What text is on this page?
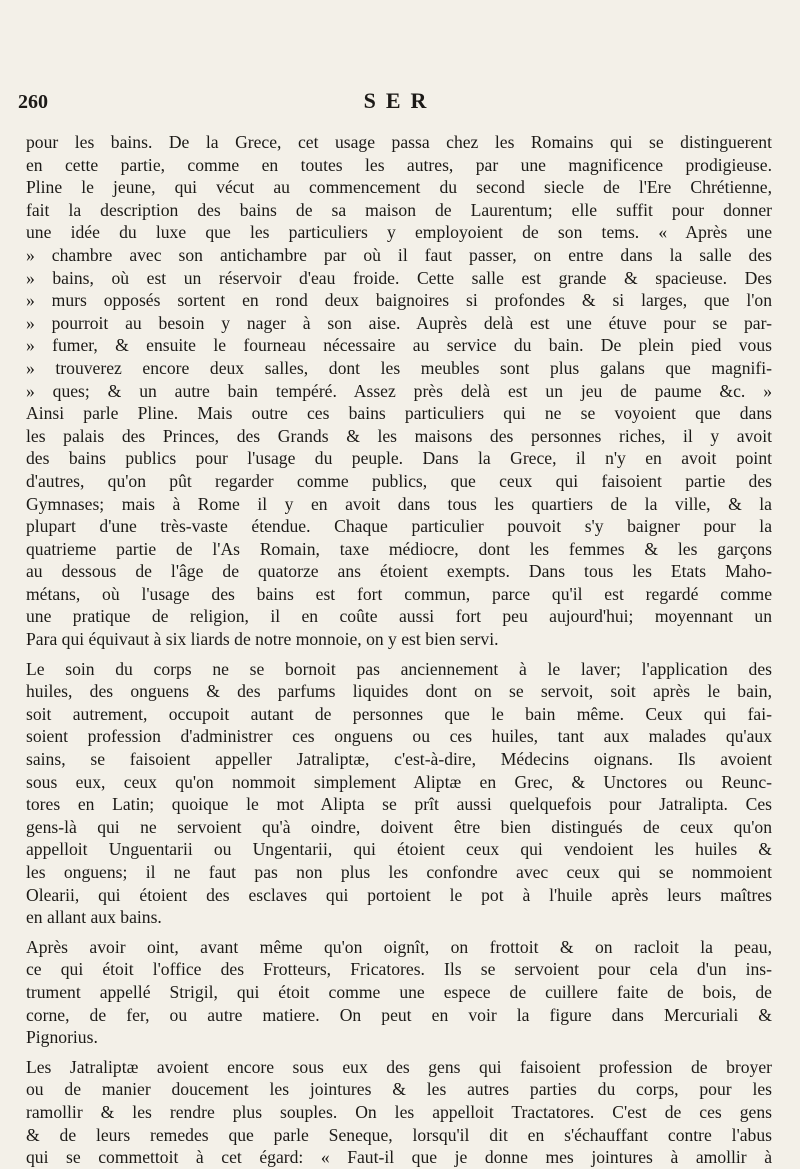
260	SER

pour les bains. De la Grece, cet usage passa chez les Romains qui se distinguerent
en cette partie, comme en toutes les autres, par une magnificence prodigieuse.
Pline le jeune, qui vécut au commencement du second siecle de l'Ere Chrétienne,
fait la description des bains de sa maison de Laurentum; elle suffit pour donner
une idée du luxe que les particuliers y employoient de son tems. « Après une
» chambre avec son antichambre par où il faut passer, on entre dans la salle des
» bains, où est un réservoir d'eau froide. Cette salle est grande & spacieuse. Des
» murs opposés sortent en rond deux baignoires si profondes & si larges, que l'on
» pourroit au besoin y nager à son aise. Auprès delà est une étuve pour se par-
» fumer, & ensuite le fourneau nécessaire au service du bain. De plein pied vous
» trouverez encore deux salles, dont les meubles sont plus galans que magnifi-
» ques; & un autre bain tempéré. Assez près delà est un jeu de paume &c. »
Ainsi parle Pline. Mais outre ces bains particuliers qui ne se voyoient que dans
les palais des Princes, des Grands & les maisons des personnes riches, il y avoit
des bains publics pour l'usage du peuple. Dans la Grece, il n'y en avoit point
d'autres, qu'on pût regarder comme publics, que ceux qui faisoient partie des
Gymnases; mais à Rome il y en avoit dans tous les quartiers de la ville, & la
plupart d'une très-vaste étendue. Chaque particulier pouvoit s'y baigner pour la
quatrieme partie de l'As Romain, taxe médiocre, dont les femmes & les garçons
au dessous de l'âge de quatorze ans étoient exempts. Dans tous les Etats Maho-
métans, où l'usage des bains est fort commun, parce qu'il est regardé comme
une pratique de religion, il en coûte aussi fort peu aujourd'hui; moyennant un
Para qui équivaut à six liards de notre monnoie, on y est bien servi.

Le soin du corps ne se bornoit pas anciennement à le laver; l'application des
huiles, des onguens & des parfums liquides dont on se servoit, soit après le bain,
soit autrement, occupoit autant de personnes que le bain même. Ceux qui fai-
soient profession d'administrer ces onguens ou ces huiles, tant aux malades qu'aux
sains, se faisoient appeller Jatraliptæ, c'est-à-dire, Médecins oignans. Ils avoient
sous eux, ceux qu'on nommoit simplement Aliptæ en Grec, & Unctores ou Reunc-
tores en Latin; quoique le mot Alipta se prît aussi quelquefois pour Jatralipta. Ces
gens-là qui ne servoient qu'à oindre, doivent être bien distingués de ceux qu'on
appelloit Unguentarii ou Ungentarii, qui étoient ceux qui vendoient les huiles &
les onguens; il ne faut pas non plus les confondre avec ceux qui se nommoient
Olearii, qui étoient des esclaves qui portoient le pot à l'huile après leurs maîtres
en allant aux bains.

Après avoir oint, avant même qu'on oignît, on frottoit & on racloit la peau,
ce qui étoit l'office des Frotteurs, Fricatores. Ils se servoient pour cela d'un ins-
trument appellé Strigil, qui étoit comme une espece de cuillere faite de bois, de
corne, de fer, ou autre matiere. On peut en voir la figure dans Mercuriali &
Pignorius.

Les Jatraliptæ avoient encore sous eux des gens qui faisoient profession de broyer
ou de manier doucement les jointures & les autres parties du corps, pour les
ramollir & les rendre plus souples. On les appelloit Tractatores. C'est de ces gens
& de leurs remedes que parle Seneque, lorsqu'il dit en s'échauffant contre l'abus
qui se commettoit à cet égard: « Faut-il que je donne mes jointures à amollir à
